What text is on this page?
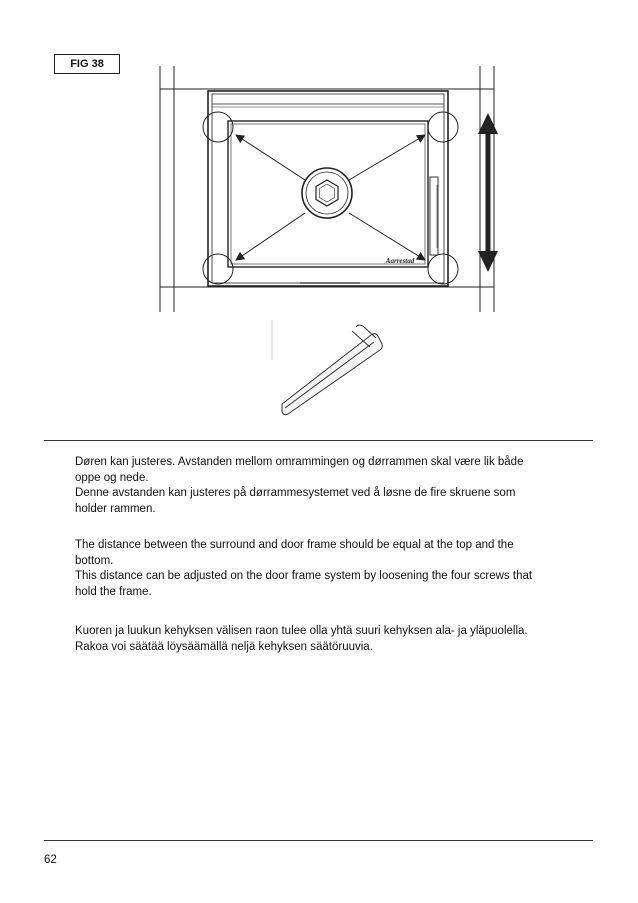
FIG 38
Aarrestad

Døren kan justeres. Avstanden mellom omrammingen og dørrammen skal være lik både

oppe og nede.

Denne avstanden kan justeres på dørrammesystemet ved å løsne de fire skruene som

holder rammen.

The distance between the surround and door frame should be equal at the top and the

bottom.

This distance can be adjusted on the door frame system by loosening the four screws that

hold the frame.

Kuoren ja luukun kehyksen välisen raon tulee olla yhtä suuri kehyksen ala- ja yläpuolella.

Rakoa voi säätää löysäämällä neljä kehyksen säätöruuvia.

62
